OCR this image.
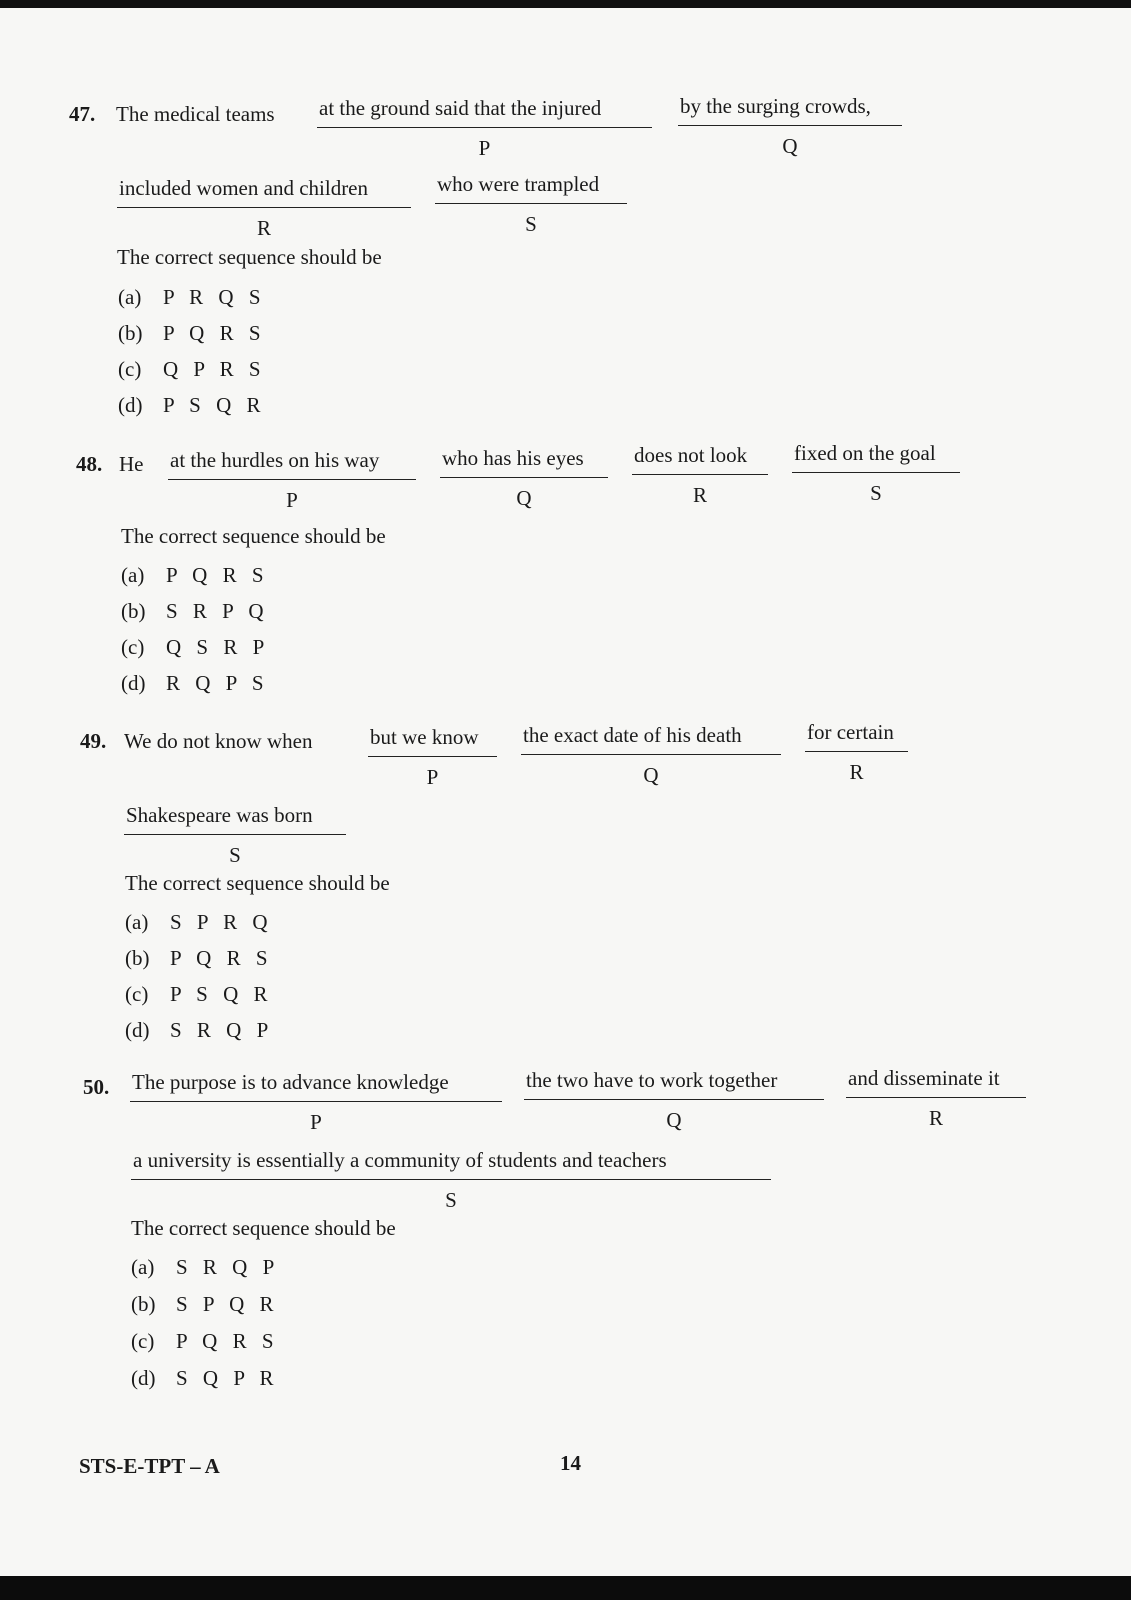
47. The medical teams at the ground said that the injured
P
by the surging crowds,
Q
included women and children
R
who were trampled
S
The correct sequence should be
(a) P R Q S
(b) P Q R S
(c) Q P R S
(d) P S Q R
48. He at the hurdles on his way
P
who has his eyes
Q
does not look
R
fixed on the goal
S
The correct sequence should be
(a) P Q R S
(b) S R P Q
(c) Q S R P
(d) R Q P S
49. We do not know when	but we know
P
the exact date of his death
Q
for certain
R
Shakespeare was born
S
The correct sequence should be
(a) S P R Q
(b) P Q R S
(c) P S Q R
(d) S R Q P
50. The purpose is to advance knowledge
P
the two have to work together
Q
and disseminate it
R
a university is essentially a community of students and teachers
S
The correct sequence should be
(a) S R Q P
(b) S P Q R
(c) P Q R S
(d) S Q P R
STS-E-TPT – A	14
